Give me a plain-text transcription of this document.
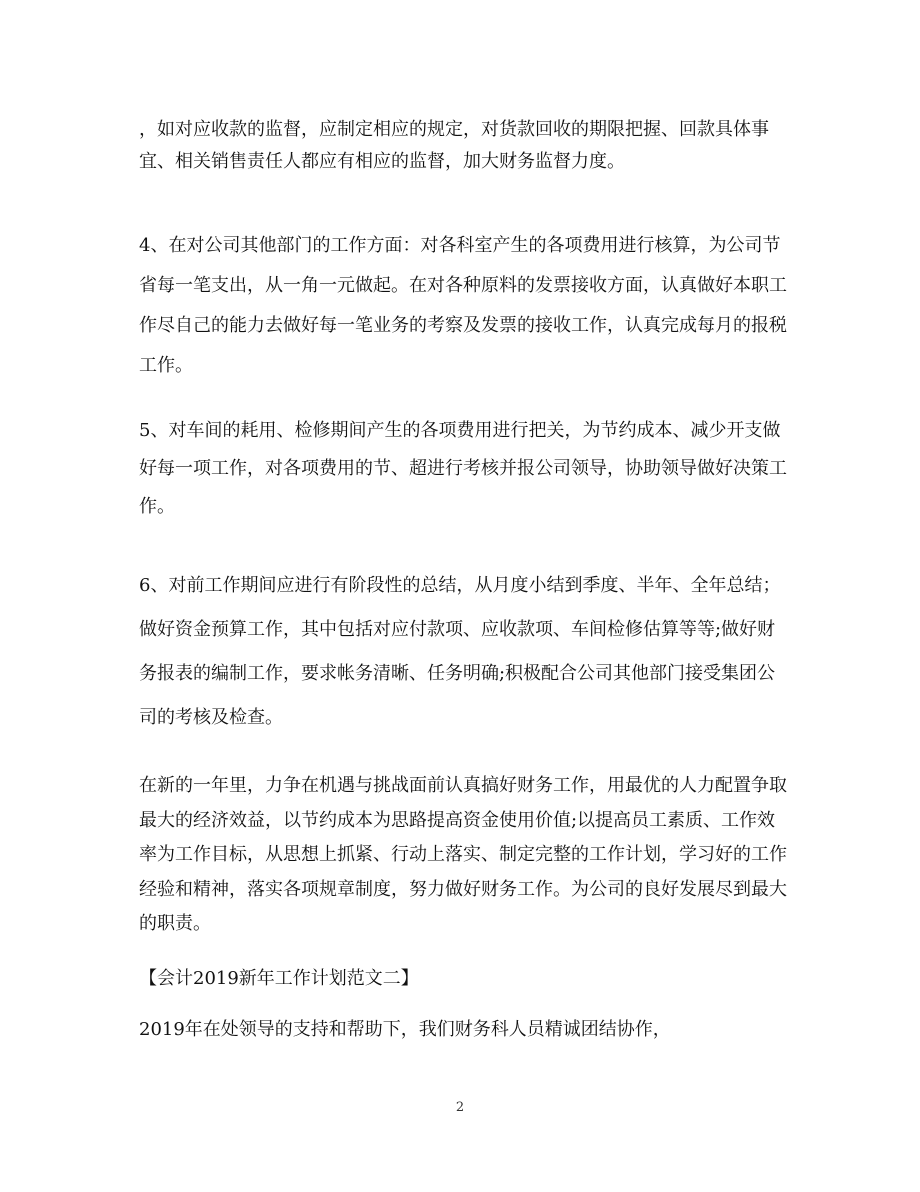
，如对应收款的监督，应制定相应的规定，对货款回收的期限把握、回款具体事宜、相关销售责任人都应有相应的监督，加大财务监督力度。

4、在对公司其他部门的工作方面：对各科室产生的各项费用进行核算，为公司节省每一笔支出，从一角一元做起。在对各种原料的发票接收方面，认真做好本职工作尽自己的能力去做好每一笔业务的考察及发票的接收工作，认真完成每月的报税工作。

5、对车间的耗用、检修期间产生的各项费用进行把关，为节约成本、减少开支做好每一项工作，对各项费用的节、超进行考核并报公司领导，协助领导做好决策工作。

6、对前工作期间应进行有阶段性的总结，从月度小结到季度、半年、全年总结；做好资金预算工作，其中包括对应付款项、应收款项、车间检修估算等等;做好财务报表的编制工作，要求帐务清晰、任务明确;积极配合公司其他部门接受集团公司的考核及检查。

在新的一年里，力争在机遇与挑战面前认真搞好财务工作，用最优的人力配置争取最大的经济效益，以节约成本为思路提高资金使用价值;以提高员工素质、工作效率为工作目标，从思想上抓紧、行动上落实、制定完整的工作计划，学习好的工作经验和精神，落实各项规章制度，努力做好财务工作。为公司的良好发展尽到最大的职责。

【会计2019新年工作计划范文二】

2019年在处领导的支持和帮助下，我们财务科人员精诚团结协作，

2
